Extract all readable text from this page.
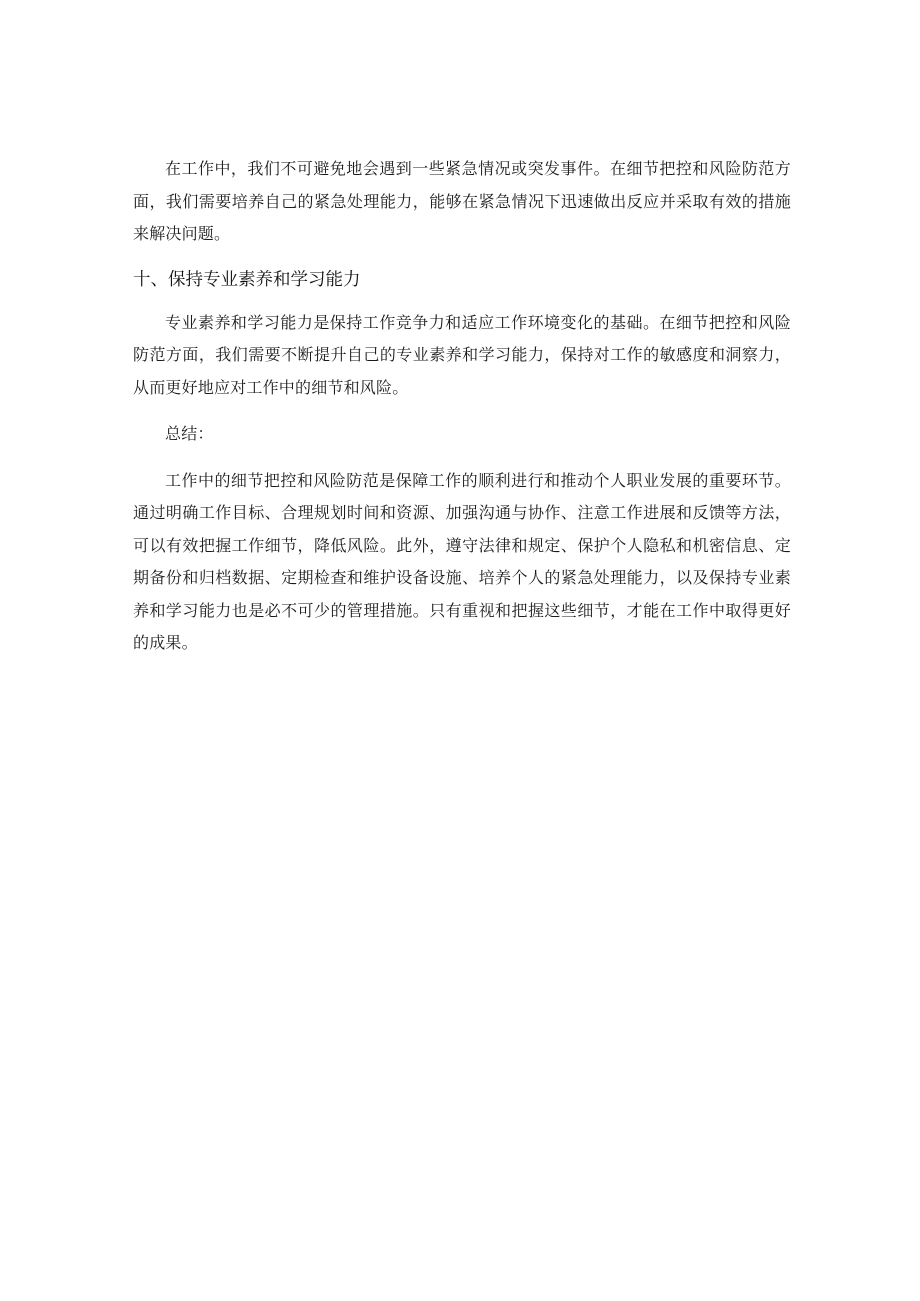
在工作中，我们不可避免地会遇到一些紧急情况或突发事件。在细节把控和风险防范方面，我们需要培养自己的紧急处理能力，能够在紧急情况下迅速做出反应并采取有效的措施来解决问题。

十、保持专业素养和学习能力

专业素养和学习能力是保持工作竞争力和适应工作环境变化的基础。在细节把控和风险防范方面，我们需要不断提升自己的专业素养和学习能力，保持对工作的敏感度和洞察力，从而更好地应对工作中的细节和风险。

总结：

工作中的细节把控和风险防范是保障工作的顺利进行和推动个人职业发展的重要环节。通过明确工作目标、合理规划时间和资源、加强沟通与协作、注意工作进展和反馈等方法，可以有效把握工作细节，降低风险。此外，遵守法律和规定、保护个人隐私和机密信息、定期备份和归档数据、定期检查和维护设备设施、培养个人的紧急处理能力，以及保持专业素养和学习能力也是必不可少的管理措施。只有重视和把握这些细节，才能在工作中取得更好的成果。
